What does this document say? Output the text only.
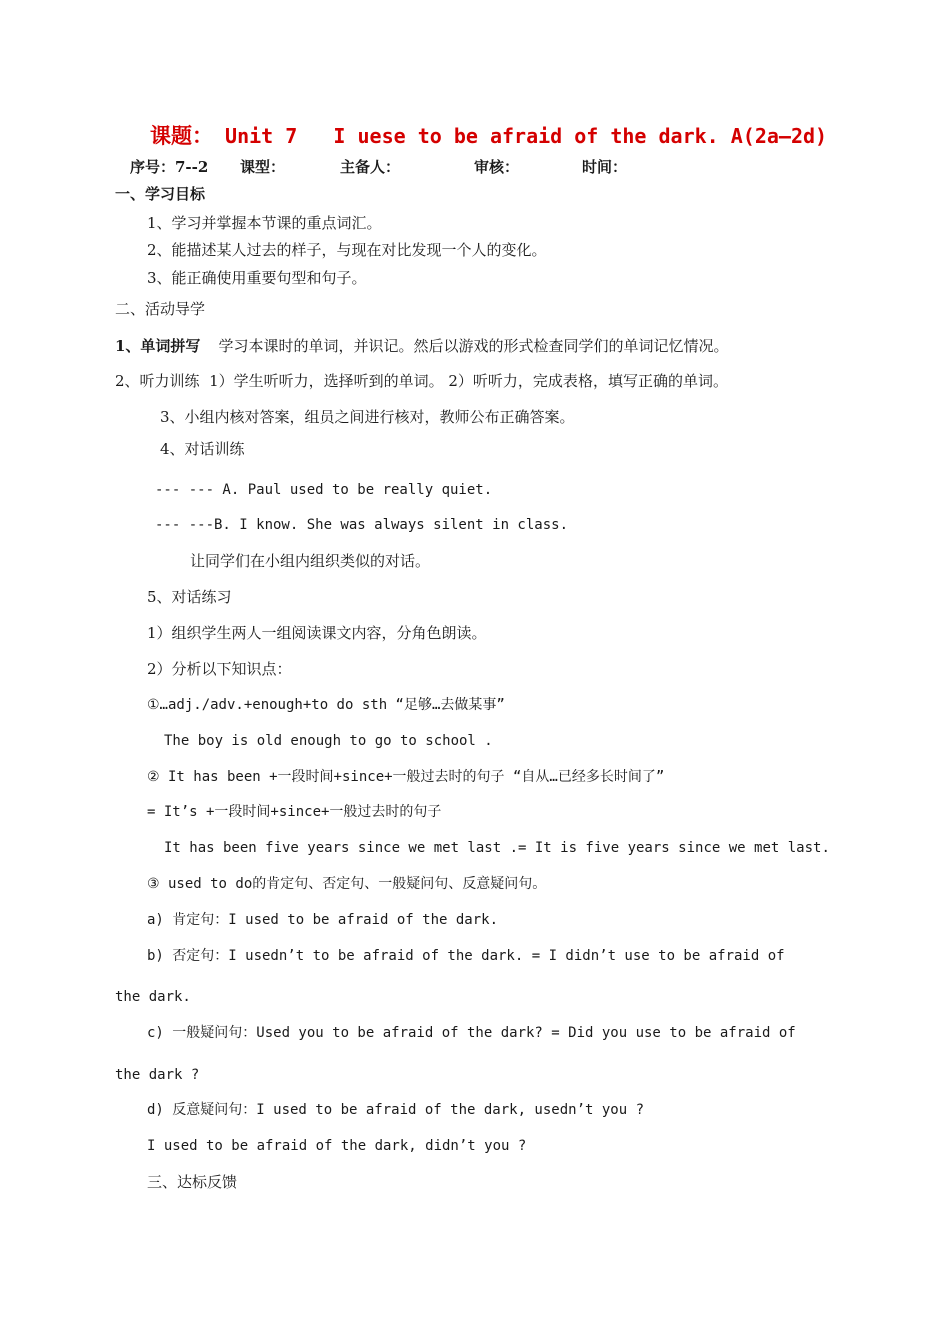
课题： Unit 7   I uese to be afraid of the dark. A(2a—2d)
序号：7--2 课型：	主备人：	审核：	时间：
一、学习目标
1、学习并掌握本节课的重点词汇。
2、能描述某人过去的样子，与现在对比发现一个人的变化。
3、能正确使用重要句型和句子。
二、活动导学
1、单词拼写 学习本课时的单词，并识记。然后以游戏的形式检查同学们的单词记忆情况。
2、听力训练  1）学生听听力，选择听到的单词。 2）听听力，完成表格，填写正确的单词。
3、小组内核对答案，组员之间进行核对，教师公布正确答案。
4、对话训练
--- --- A. Paul used to be really quiet.
--- ---B. I know. She was always silent in class.
让同学们在小组内组织类似的对话。
5、对话练习
1）组织学生两人一组阅读课文内容，分角色朗读。
2）分析以下知识点：
①…adj./adv.+enough+to do sth “足够…去做某事”
The boy is old enough to go to school .
② It has been +一段时间+since+一般过去时的句子 “自从…已经多长时间了”
= It’s +一段时间+since+一般过去时的句子
It has been five years since we met last .= It is five years since we met last.
③ used to do的肯定句、否定句、一般疑问句、反意疑问句。
a) 肯定句：I used to be afraid of the dark.
b) 否定句：I usedn’t to be afraid of the dark. = I didn’t use to be afraid of
the dark.
c) 一般疑问句：Used you to be afraid of the dark? = Did you use to be afraid of
the dark ?
d) 反意疑问句：I used to be afraid of the dark, usedn’t you ?
I used to be afraid of the dark, didn’t you ?
三、达标反馈
